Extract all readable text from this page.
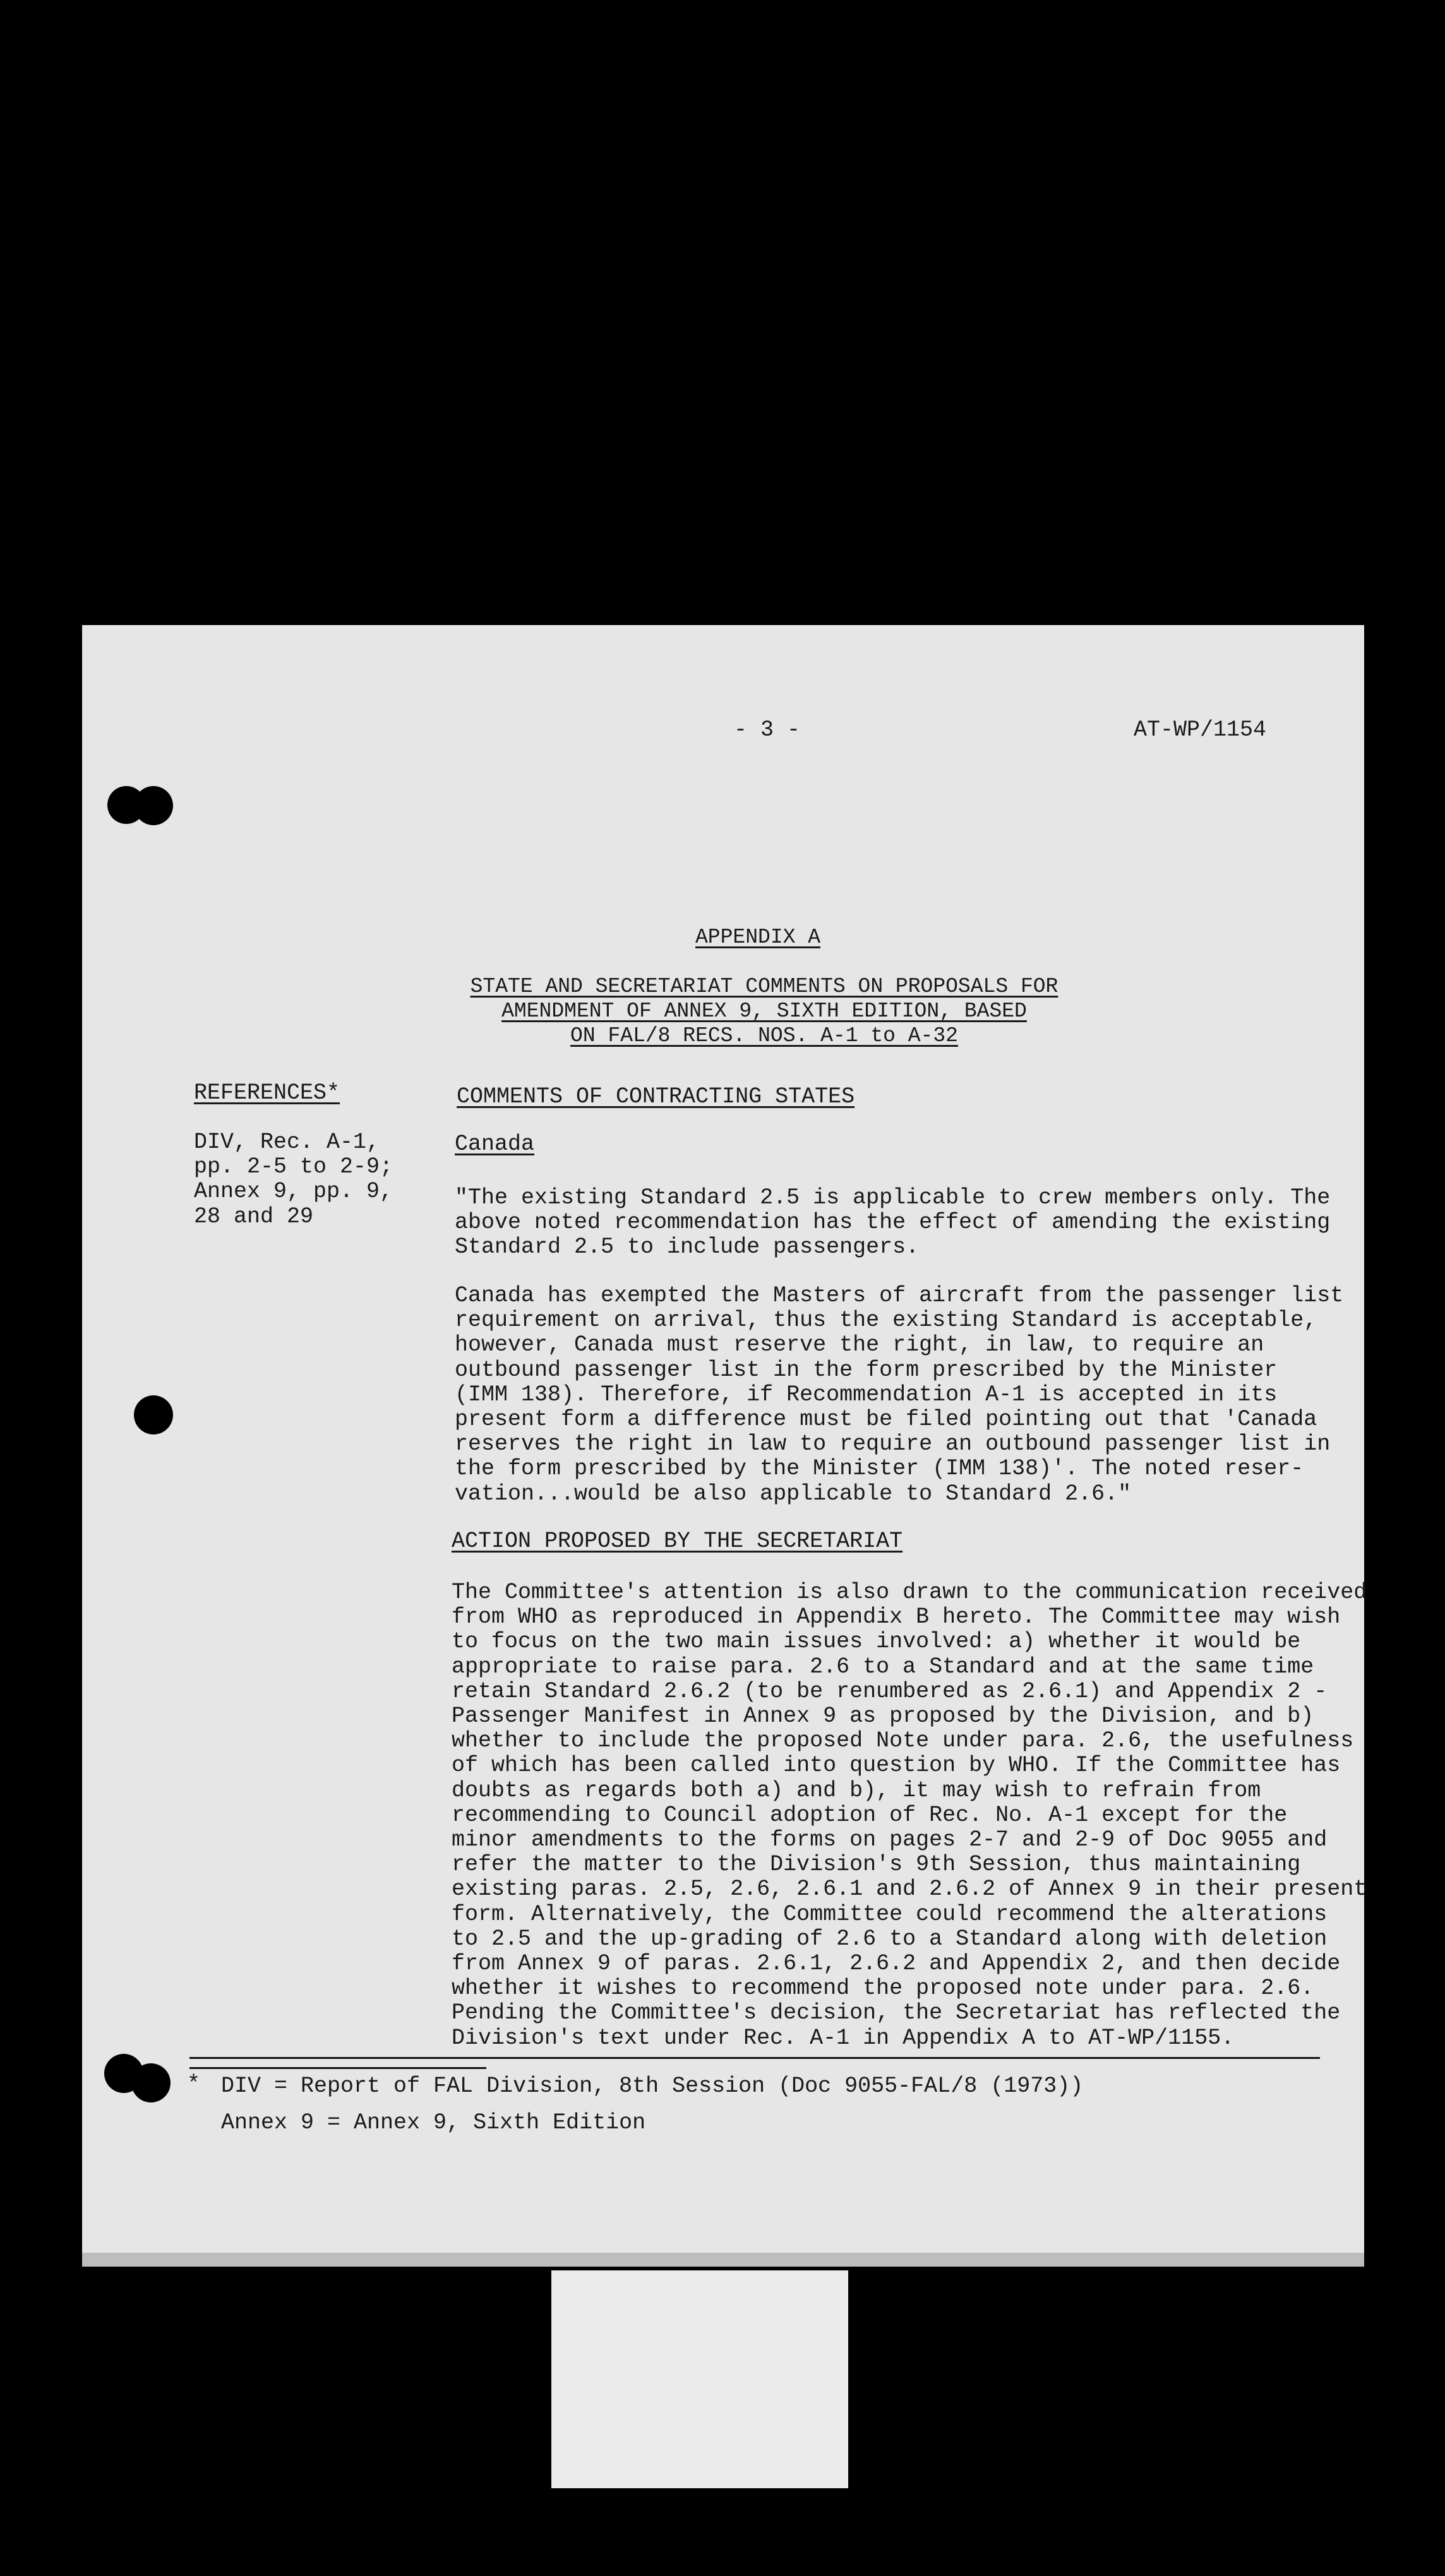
- 3 -	AT-WP/1154
APPENDIX A
STATE AND SECRETARIAT COMMENTS ON PROPOSALS FOR
AMENDMENT OF ANNEX 9, SIXTH EDITION, BASED
ON FAL/8 RECS. NOS. A-1 to A-32
REFERENCES*
DIV, Rec. A-1,
pp. 2-5 to 2-9;
Annex 9, pp. 9,
28 and 29
COMMENTS OF CONTRACTING STATES
Canada
"The existing Standard 2.5 is applicable to crew members only. The
above noted recommendation has the effect of amending the existing
Standard 2.5 to include passengers.
Canada has exempted the Masters of aircraft from the passenger list
requirement on arrival, thus the existing Standard is acceptable,
however, Canada must reserve the right, in law, to require an
outbound passenger list in the form prescribed by the Minister
(IMM 138). Therefore, if Recommendation A-1 is accepted in its
present form a difference must be filed pointing out that 'Canada
reserves the right in law to require an outbound passenger list in
the form prescribed by the Minister (IMM 138)'. The noted reser-
vation...would be also applicable to Standard 2.6."
ACTION PROPOSED BY THE SECRETARIAT
The Committee's attention is also drawn to the communication received
from WHO as reproduced in Appendix B hereto. The Committee may wish
to focus on the two main issues involved: a) whether it would be
appropriate to raise para. 2.6 to a Standard and at the same time
retain Standard 2.6.2 (to be renumbered as 2.6.1) and Appendix 2 -
Passenger Manifest in Annex 9 as proposed by the Division, and b)
whether to include the proposed Note under para. 2.6, the usefulness
of which has been called into question by WHO. If the Committee has
doubts as regards both a) and b), it may wish to refrain from
recommending to Council adoption of Rec. No. A-1 except for the
minor amendments to the forms on pages 2-7 and 2-9 of Doc 9055 and
refer the matter to the Division's 9th Session, thus maintaining
existing paras. 2.5, 2.6, 2.6.1 and 2.6.2 of Annex 9 in their present
form. Alternatively, the Committee could recommend the alterations
to 2.5 and the up-grading of 2.6 to a Standard along with deletion
from Annex 9 of paras. 2.6.1, 2.6.2 and Appendix 2, and then decide
whether it wishes to recommend the proposed note under para. 2.6.
Pending the Committee's decision, the Secretariat has reflected the
Division's text under Rec. A-1 in Appendix A to AT-WP/1155.
* DIV = Report of FAL Division, 8th Session (Doc 9055-FAL/8 (1973))
Annex 9 = Annex 9, Sixth Edition
